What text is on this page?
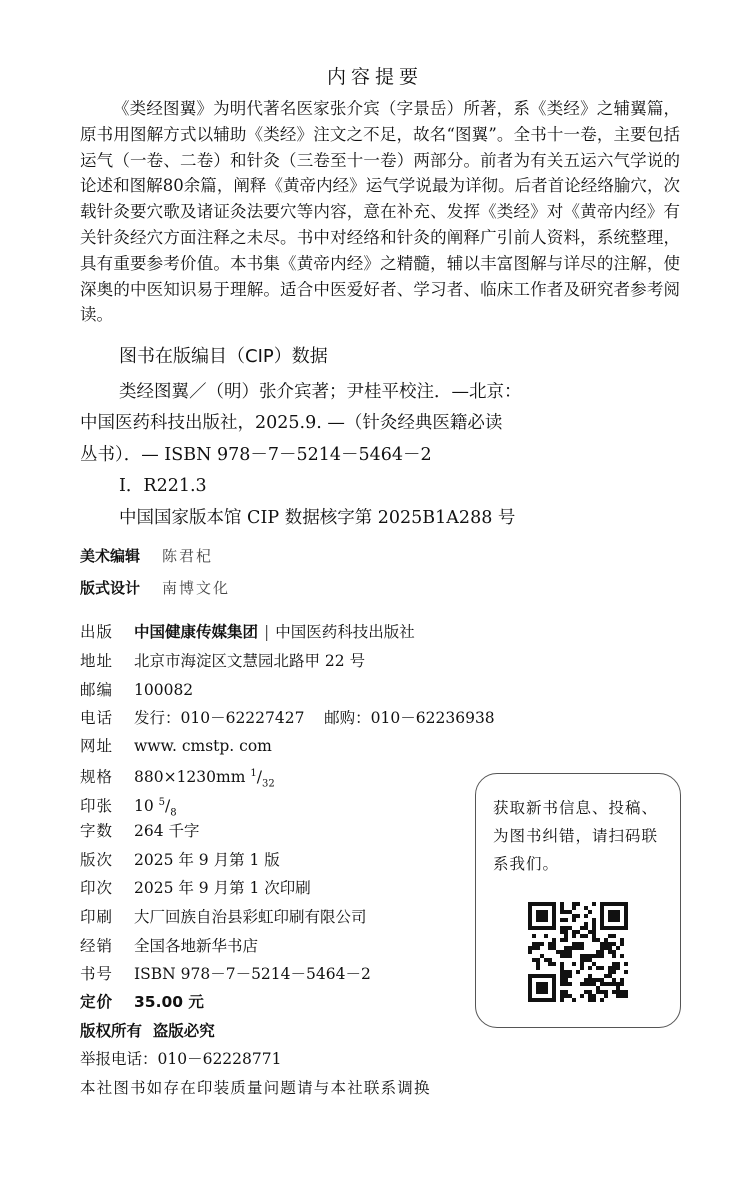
内容提要

《类经图翼》为明代著名医家张介宾（字景岳）所著，系《类经》之辅翼篇，原书用图解方式以辅助《类经》注文之不足，故名“图翼”。全书十一卷，主要包括运气（一卷、二卷）和针灸（三卷至十一卷）两部分。前者为有关五运六气学说的论述和图解80余篇，阐释《黄帝内经》运气学说最为详彻。后者首论经络腧穴，次载针灸要穴歌及诸证灸法要穴等内容，意在补充、发挥《类经》对《黄帝内经》有关针灸经穴方面注释之未尽。书中对经络和针灸的阐释广引前人资料，系统整理，具有重要参考价值。本书集《黄帝内经》之精髓，辅以丰富图解与详尽的注解，使深奥的中医知识易于理解。适合中医爱好者、学习者、临床工作者及研究者参考阅读。

图书在版编目（CIP）数据
类经图翼／（明）张介宾著；尹桂平校注．—北京：
中国医药科技出版社，2025.9. —（针灸经典医籍必读
丛书）．— ISBN 978－7－5214－5464－2
Ⅰ．R221.3
中国国家版本馆 CIP 数据核字第 2025B1A288 号
美术编辑 陈君杞
版式设计 南博文化
出版 中国健康传媒集团 | 中国医药科技出版社
地址 北京市海淀区文慧园北路甲 22 号
邮编 100082
电话 发行：010－62227427    邮购：010－62236938
网址 www. cmstp. com
规格 880×1230mm $^1/_{32}$
印张 10 $^5/_8$
字数 264 千字
版次 2025 年 9 月第 1 版
印次 2025 年 9 月第 1 次印刷
印刷 大厂回族自治县彩虹印刷有限公司
经销 全国各地新华书店
书号 ISBN 978－7－5214－5464－2
定价 35.00 元
版权所有  盗版必究
举报电话：010－62228771
本社图书如存在印装质量问题请与本社联系调换

获取新书信息、投稿、为图书纠错，请扫码联系我们。
